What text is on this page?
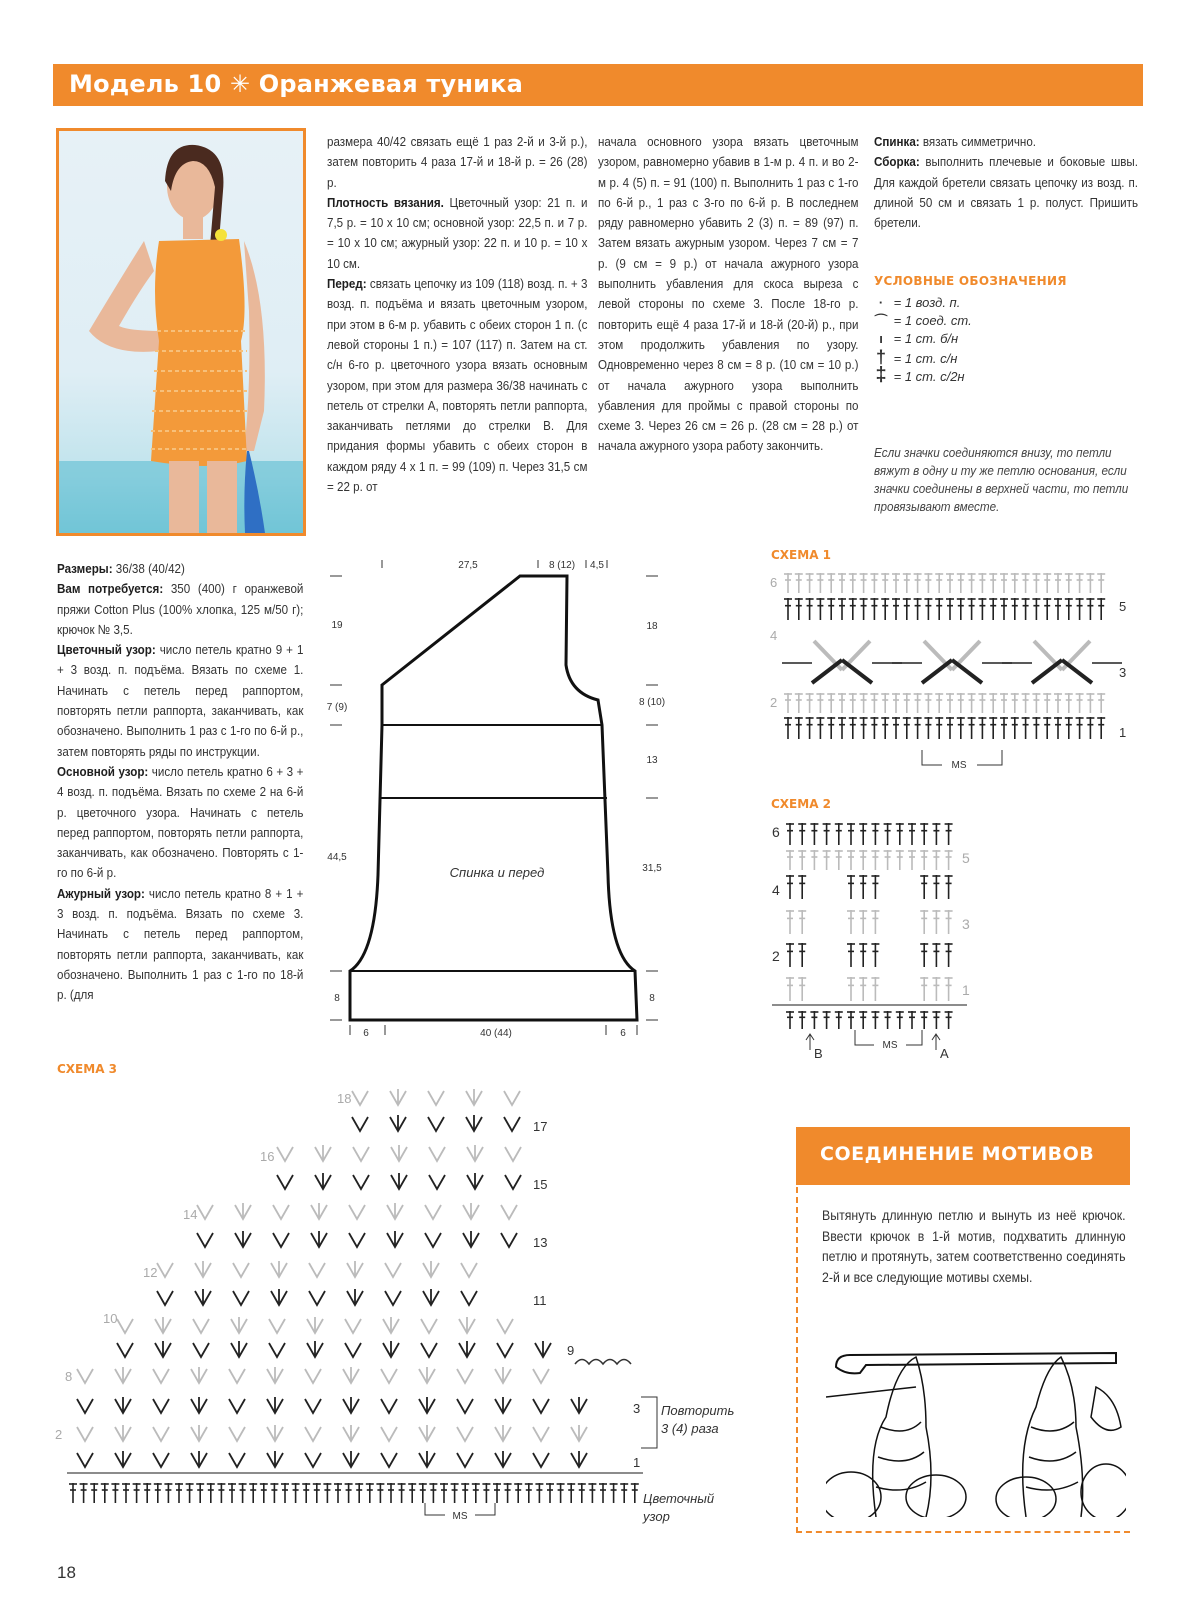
Модель 10 ✳ Оранжевая туника

размера 40/42 связать ещё 1 раз 2-й и 3-й р.), затем повторить 4 раза 17-й и 18-й р. = 26 (28) р.

Плотность вязания. Цветочный узор: 21 п. и 7,5 р. = 10 х 10 см; основной узор: 22,5 п. и 7 р. = 10 х 10 см; ажурный узор: 22 п. и 10 р. = 10 х 10 см.

Перед: связать цепочку из 109 (118) возд. п. + 3 возд. п. подъёма и вязать цветочным узором, при этом в 6-м р. убавить с обеих сторон 1 п. (с левой стороны 1 п.) = 107 (117) п. Затем на ст. с/н 6-го р. цветочного узора вязать основным узором, при этом для размера 36/38 начинать с петель от стрелки А, повторять петли раппорта, заканчивать петлями до стрелки В. Для придания формы убавить с обеих сторон в каждом ряду 4 х 1 п. = 99 (109) п. Через 31,5 см = 22 р. от

начала основного узора вязать цветочным узором, равномерно убавив в 1-м р. 4 п. и во 2-м р. 4 (5) п. = 91 (100) п. Выполнить 1 раз с 1-го по 6-й р., 1 раз с 3-го по 6-й р. В последнем ряду равномерно убавить 2 (3) п. = 89 (97) п. Затем вязать ажурным узором. Через 7 см = 7 р. (9 см = 9 р.) от начала ажурного узора выполнить убавления для скоса выреза с левой стороны по схеме 3. После 18-го р. повторить ещё 4 раза 17-й и 18-й (20-й) р., при этом продолжить убавления по узору. Одновременно через 8 см = 8 р. (10 см = 10 р.) от начала ажурного узора выполнить убавления для проймы с правой стороны по схеме 3. Через 26 см = 26 р. (28 см = 28 р.) от начала ажурного узора работу закончить.

Спинка: вязать симметрично.

Сборка: выполнить плечевые и боковые швы. Для каждой бретели связать цепочку из возд. п. длиной 50 см и связать 1 р. полуст. Пришить бретели.

УСЛОВНЫЕ ОБОЗНАЧЕНИЯ
· = 1 возд. п.
⌒ = 1 соед. ст.
ı = 1 ст. б/н
† = 1 ст. с/н
‡ = 1 ст. с/2н
Если значки соединяются внизу, то петли вяжут в одну и ту же петлю основания, если значки соединены в верхней части, то петли провязывают вместе.

Размеры: 36/38 (40/42)

Вам потребуется: 350 (400) г оранжевой пряжи Cotton Plus (100% хлопка, 125 м/50 г); крючок № 3,5.

Цветочный узор: число петель кратно 9 + 1 + 3 возд. п. подъёма. Вязать по схеме 1. Начинать с петель перед раппортом, повторять петли раппорта, заканчивать, как обозначено. Выполнить 1 раз с 1-го по 6-й р., затем повторять ряды по инструкции.

Основной узор: число петель кратно 6 + 3 + 4 возд. п. подъёма. Вязать по схеме 2 на 6-й р. цветочного узора. Начинать с петель перед раппортом, повторять петли раппорта, заканчивать, как обозначено. Повторять с 1-го по 6-й р.

Ажурный узор: число петель кратно 8 + 1 + 3 возд. п. подъёма. Вязать по схеме 3. Начинать с петель перед раппортом, повторять петли раппорта, заканчивать, как обозначено. Выполнить 1 раз с 1-го по 18-й р. (для

27,5	8 (12) 4,5
19
7 (9)
44,5
8
18
8 (10)
13
31,5
8
6	40 (44)	6
Спинка и перед
СХЕМА 1
6
4
2
5
3
1
MS
СХЕМА 2
6
4
2
5
3
1
B	A
MS
СХЕМА 3
18
16
14
12
10
8
2
17
15
13
11
9
3
1
Повторить
3 (4) раза
Цветочный
узор
MS
СОЕДИНЕНИЕ МОТИВОВ
Вытянуть длинную петлю и вынуть из неё крючок. Ввести крючок в 1-й мотив, подхватить длинную петлю и протянуть, затем соответственно соединять 2-й и все следующие мотивы схемы.
18
